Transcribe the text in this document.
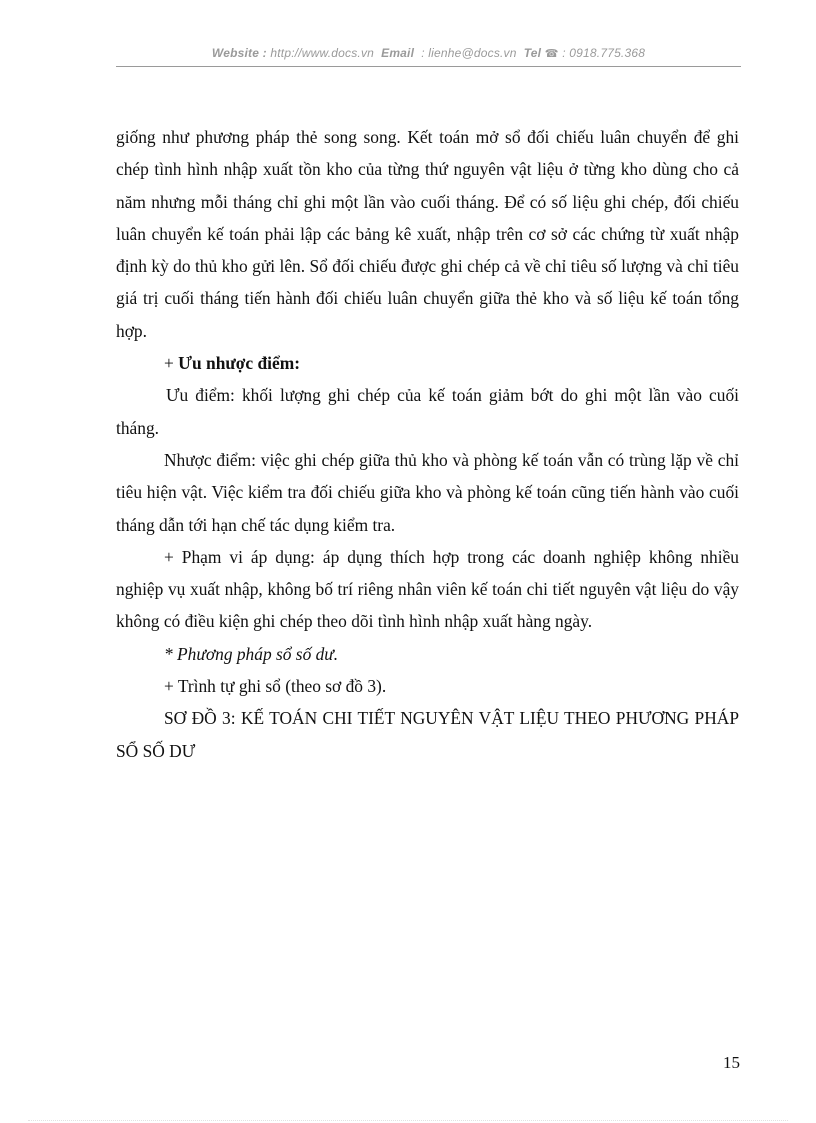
Website : http://www.docs.vn Email : lienhe@docs.vn Tel ☎ : 0918.775.368

giống như phương pháp thẻ song song. Kết toán mở sổ đối chiếu luân chuyển để ghi chép tình hình nhập xuất tồn kho của từng thứ nguyên vật liệu ở từng kho dùng cho cả năm nhưng mỗi tháng chỉ ghi một lần vào cuối tháng. Để có số liệu ghi chép, đối chiếu luân chuyển kế toán phải lập các bảng kê xuất, nhập trên cơ sở các chứng từ xuất nhập định kỳ do thủ kho gửi lên. Sổ đối chiếu được ghi chép cả về chỉ tiêu số lượng và chỉ tiêu giá trị cuối tháng tiến hành đối chiếu luân chuyển giữa thẻ kho và số liệu kế toán tổng hợp.

+ Ưu nhược điểm:

Ưu điểm: khối lượng ghi chép của kế toán giảm bớt do ghi một lần vào cuối tháng.

Nhược điểm: việc ghi chép giữa thủ kho và phòng kế toán vẫn có trùng lặp về chỉ tiêu hiện vật. Việc kiểm tra đối chiếu giữa kho và phòng kế toán cũng tiến hành vào cuối tháng dẫn tới hạn chế tác dụng kiểm tra.

+ Phạm vi áp dụng: áp dụng thích hợp trong các doanh nghiệp không nhiều nghiệp vụ xuất nhập, không bố trí riêng nhân viên kế toán chi tiết nguyên vật liệu do vậy không có điều kiện ghi chép theo dõi tình hình nhập xuất hàng ngày.

* Phương pháp sổ số dư.

+ Trình tự ghi sổ (theo sơ đồ 3).

SƠ ĐỒ 3: KẾ TOÁN CHI TIẾT NGUYÊN VẬT LIỆU THEO PHƯƠNG PHÁP SỔ SỐ DƯ

15
